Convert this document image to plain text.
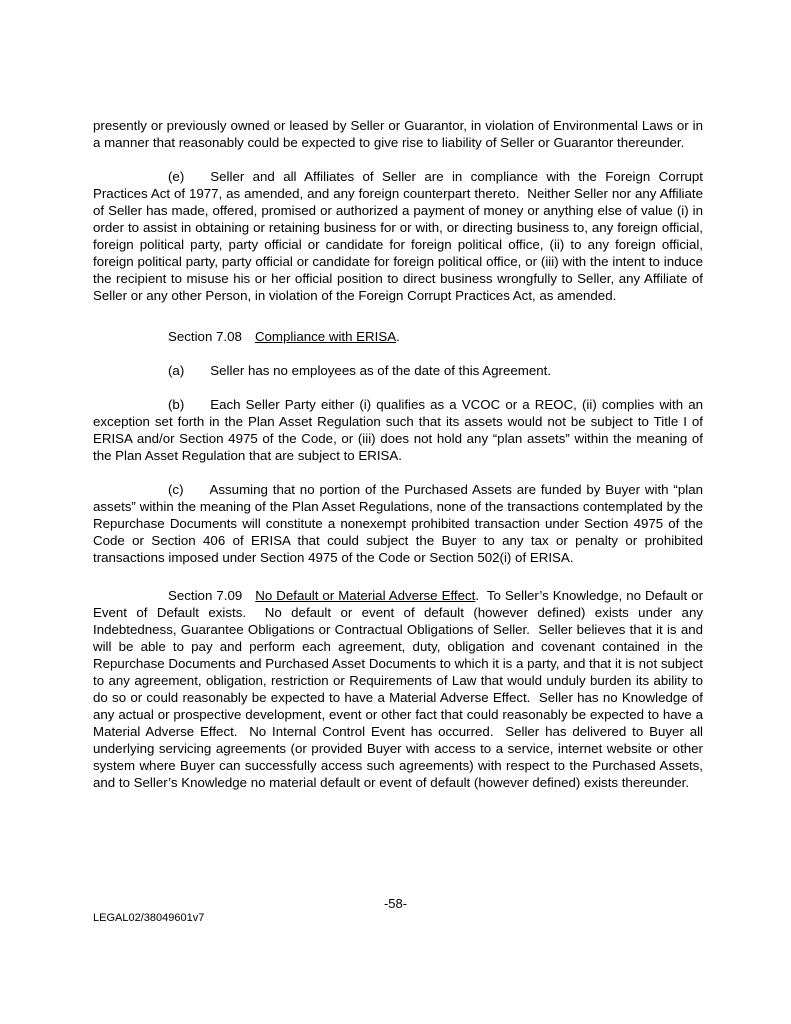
presently or previously owned or leased by Seller or Guarantor, in violation of Environmental Laws or in a manner that reasonably could be expected to give rise to liability of Seller or Guarantor thereunder.

(e) Seller and all Affiliates of Seller are in compliance with the Foreign Corrupt Practices Act of 1977, as amended, and any foreign counterpart thereto.  Neither Seller nor any Affiliate of Seller has made, offered, promised or authorized a payment of money or anything else of value (i) in order to assist in obtaining or retaining business for or with, or directing business to, any foreign official, foreign political party, party official or candidate for foreign political office, (ii) to any foreign official, foreign political party, party official or candidate for foreign political office, or (iii) with the intent to induce the recipient to misuse his or her official position to direct business wrongfully to Seller, any Affiliate of Seller or any other Person, in violation of the Foreign Corrupt Practices Act, as amended.

Section 7.08 Compliance with ERISA.

(a) Seller has no employees as of the date of this Agreement.

(b) Each Seller Party either (i) qualifies as a VCOC or a REOC, (ii) complies with an exception set forth in the Plan Asset Regulation such that its assets would not be subject to Title I of ERISA and/or Section 4975 of the Code, or (iii) does not hold any “plan assets” within the meaning of the Plan Asset Regulation that are subject to ERISA.

(c) Assuming that no portion of the Purchased Assets are funded by Buyer with “plan assets” within the meaning of the Plan Asset Regulations, none of the transactions contemplated by the Repurchase Documents will constitute a nonexempt prohibited transaction under Section 4975 of the Code or Section 406 of ERISA that could subject the Buyer to any tax or penalty or prohibited transactions imposed under Section 4975 of the Code or Section 502(i) of ERISA.

Section 7.09 No Default or Material Adverse Effect.  To Seller’s Knowledge, no Default or Event of Default exists.  No default or event of default (however defined) exists under any Indebtedness, Guarantee Obligations or Contractual Obligations of Seller.  Seller believes that it is and will be able to pay and perform each agreement, duty, obligation and covenant contained in the Repurchase Documents and Purchased Asset Documents to which it is a party, and that it is not subject to any agreement, obligation, restriction or Requirements of Law that would unduly burden its ability to do so or could reasonably be expected to have a Material Adverse Effect.  Seller has no Knowledge of any actual or prospective development, event or other fact that could reasonably be expected to have a Material Adverse Effect.  No Internal Control Event has occurred.  Seller has delivered to Buyer all underlying servicing agreements (or provided Buyer with access to a service, internet website or other system where Buyer can successfully access such agreements) with respect to the Purchased Assets, and to Seller’s Knowledge no material default or event of default (however defined) exists thereunder.

-58-
LEGAL02/38049601v7
